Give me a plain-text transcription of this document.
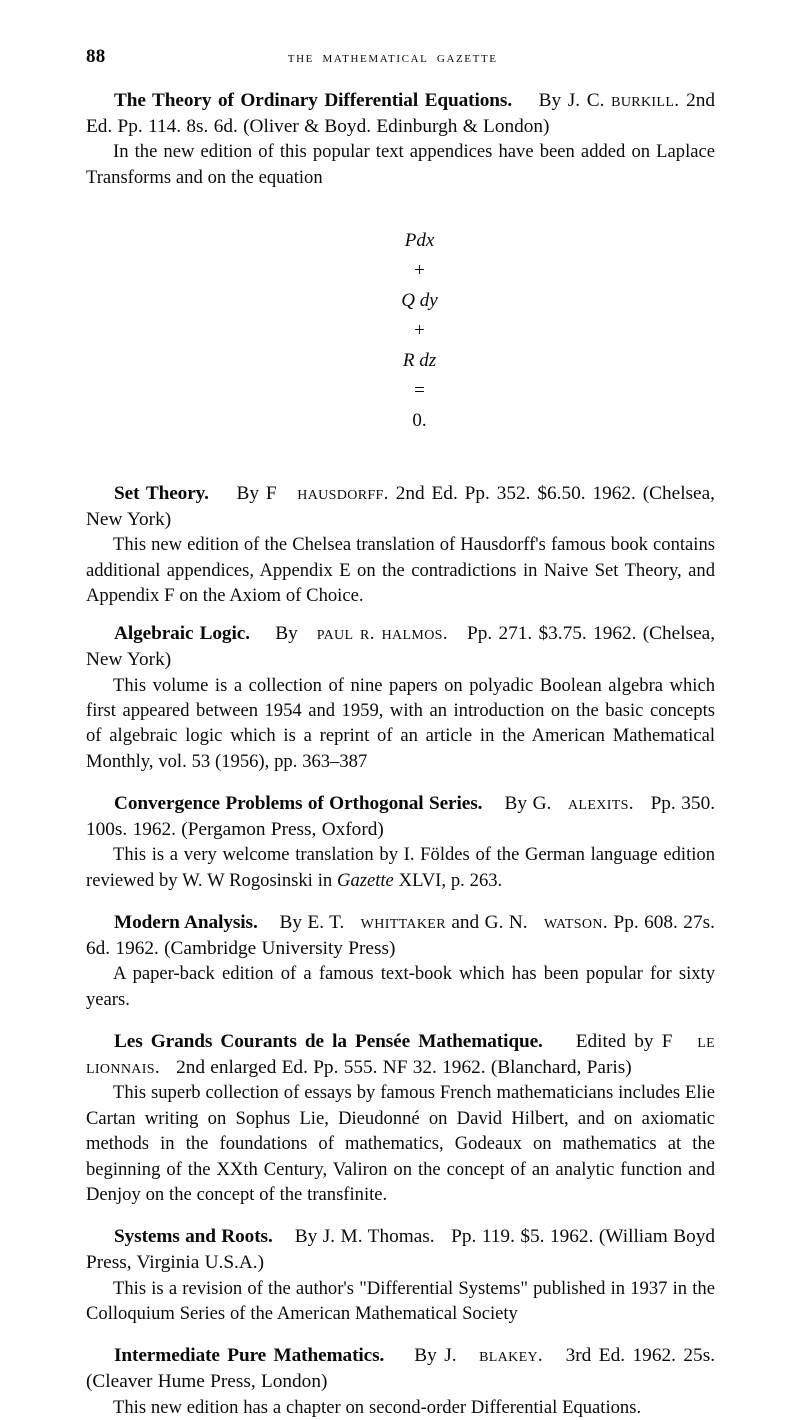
88	the mathematical gazette

The Theory of Ordinary Differential Equations. By J. C. burkill. 2nd Ed. Pp. 114. 8s. 6d. (Oliver & Boyd. Edinburgh & London)

In the new edition of this popular text appendices have been added on Laplace Transforms and on the equation

Pdx
+
Q dy
+
R dz
=
0.

Set Theory. By F hausdorff. 2nd Ed. Pp. 352. $6.50. 1962. (Chelsea, New York)

This new edition of the Chelsea translation of Hausdorff's famous book contains additional appendices, Appendix E on the contradictions in Naive Set Theory, and Appendix F on the Axiom of Choice.

Algebraic Logic. By paul r. halmos. Pp. 271. $3.75. 1962. (Chelsea, New York)

This volume is a collection of nine papers on polyadic Boolean algebra which first appeared between 1954 and 1959, with an introduction on the basic concepts of algebraic logic which is a reprint of an article in the American Mathematical Monthly, vol. 53 (1956), pp. 363–387

Convergence Problems of Orthogonal Series. By G. alexits. Pp. 350. 100s. 1962. (Pergamon Press, Oxford)

This is a very welcome translation by I. Földes of the German language edition reviewed by W. W Rogosinski in Gazette XLVI, p. 263.

Modern Analysis. By E. T. whittaker and G. N. watson. Pp. 608. 27s. 6d. 1962. (Cambridge University Press)

A paper-back edition of a famous text-book which has been popular for sixty years.

Les Grands Courants de la Pensée Mathematique. Edited by F le lionnais. 2nd enlarged Ed. Pp. 555. NF 32. 1962. (Blanchard, Paris)

This superb collection of essays by famous French mathematicians includes Elie Cartan writing on Sophus Lie, Dieudonné on David Hilbert, and on axiomatic methods in the foundations of mathematics, Godeaux on mathematics at the beginning of the XXth Century, Valiron on the concept of an analytic function and Denjoy on the concept of the transfinite.

Systems and Roots. By J. M. Thomas. Pp. 119. $5. 1962. (William Boyd Press, Virginia U.S.A.)

This is a revision of the author's "Differential Systems" published in 1937 in the Colloquium Series of the American Mathematical Society

Intermediate Pure Mathematics. By J. blakey. 3rd Ed. 1962. 25s. (Cleaver Hume Press, London)

This new edition has a chapter on second-order Differential Equations.
